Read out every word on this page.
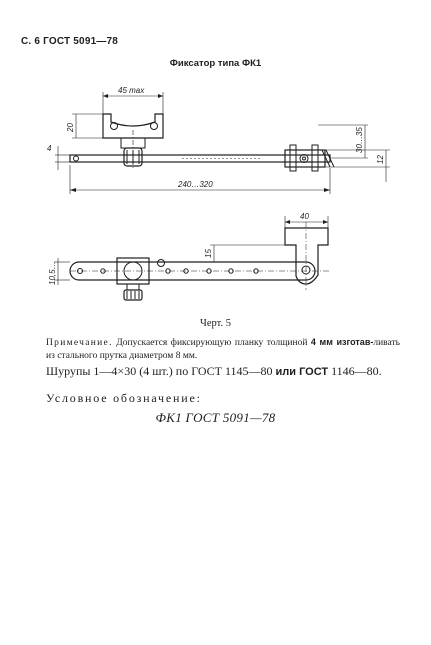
С. 6 ГОСТ 5091—78
Фиксатор типа ФК1
45 max
20
4
240…320
30…35
12
40
15
10,5…
Черт. 5
Примечание. Допускается фиксирующую планку толщиной 4 мм изготав-ливать из стального прутка диаметром 8 мм.
Шурупы 1—4×30 (4 шт.) по ГОСТ 1145—80 или ГОСТ 1146—80.
Условное обозначение:
ФК1 ГОСТ 5091—78
